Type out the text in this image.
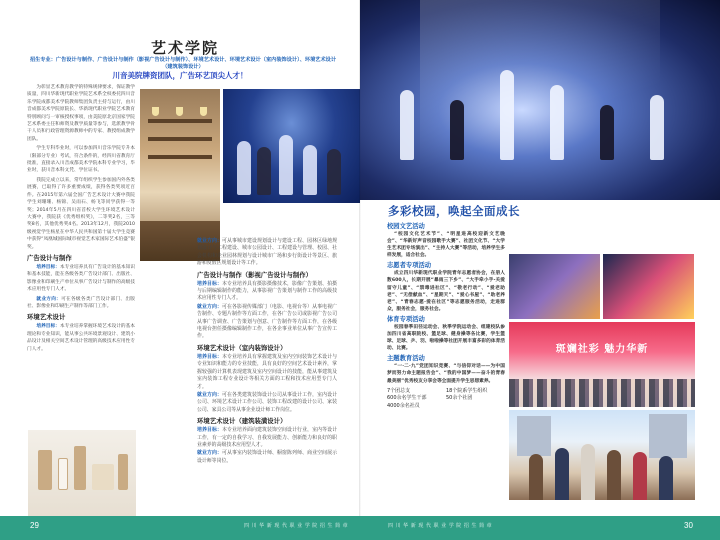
艺术学院
招生专业：广告设计与制作、广告设计与制作（影视广告设计与制作）、环境艺术设计、环境艺术设计（室内装饰设计）、环境艺术设计（建筑装饰设计）
川音美院牌资团队，广告环艺顶尖人才！

为彰显艺术教育教学的特殊规律要求，保证教学质量，四川华新现代职业学院艺术系全权委托四川音乐学院成都美术学院教师集团负责主持与运行，由川音成都美术学院原院长、华新现代职业学院艺术教育特别顾问与一审核授权事项，由美院原北京国家学院艺术系委主任和师资及教学质量等参与，选派教学骨干人员和行政管理资源教师中的专家、教授组成教学团队。

学生专科毕业时，可以参加四川音乐学院专升本（限部分专业）考试，符合条件的，经四川省教育厅批准，直接录入川音成都美术学院本科专业学习，毕业时，获川音本科文凭、学位证书。

我院完成立以来，常年组织学生参加国内外各类展赛，已取得了许多重要成绩，获得各类奖项近百件。在2015年第六届全国广告艺术设计大赛中我院学生刘珊珊、杨锦、吴雨石、杨飞等同学获得一等奖；2014年5月在四川省首校大学生环境艺术设计大赛中，我院获《优秀组织奖》，二等奖2名，三等奖8名，其他优秀奖4名。2013年12月，我院2010级视觉学生杨星在中华人民共和国第十届大学生竞赛中获得“凤凰城国际城市视觉艺术家国际艺术伯盛”银奖。

广告设计与制作

培养目标：本专业培养具有广告设计的基本知识和基本技能，能在各级各类广告设计部门、出版社、影像业和印刷生产单位从事广告设计与制作的高级技术应用性专门人才。

就业方向：可在各级各类广告设计部门、出版社、影像业和印刷生产制作等部门工作。

环境艺术设计

培养目标：本专业培养掌握环境艺术设计的基本理论和专业知识，能从事公共环境景观设计、建筑小品设计及相关空间艺术设计管理的高级技术应用性专门人才。

就业方向：可从事城市建设规划设计与建设工程、园林区绿地规划设计与工程建设、城市公园设计、工程建设与管理、校园、社会机构和企业园林规划与设计城市广场和步行街设计等景区、旅游和度假区规划设计等工作。

广告设计与制作（影视广告设计与制作）

培养目标：本专业培养具有摄影摄像技术，影像广告策划、拍摄与后期编辑制作的能力，从事影视广告策划与制作工作的高级技术应用性专门人才。

就业方向：可在各影视传媒部门（电影、电视台等）从事电视广告制作、专题片制作等方面工作，在各广告公司或影视广告公司从事广告调查、广告策划与创意、广告制作等方面工作，在各级电视台担任摄像编辑制作工作，在各企事业单位从事广告宣传工作。

环境艺术设计（室内装饰设计）

培养目标：本专业培养具有掌握建筑及室内空间装饰艺术设计与专业知识和能力的专业技能，具有良好的空间艺术设计素养，掌握较强的计算机表现建筑及室内空间设计的技能，能从事建筑及室内装饰工程专业设计等相关方面的工程和技术应用型专门人才。

就业方向：可在各类建筑装饰设计公司从事设计工作，室内设计公司、环境艺术设计工作公司、装饰工程改建的设计公司、家装公司、家具公司等从事企业设计师工作岗位。

环境艺术设计（建筑装潢设计）

培养目标：本专业培养面向建筑装饰空间设计行业，室内等设计工作，有一定的自我学习、自我发展能力、创新能力和良好的职业素养的高级技术应用型人才。

就业方向：可从事室内装饰设计师、橱窗陈列师、商业空间展示设计师等岗位。

多彩校园，唤起全面成长
校园文艺活动

“校园文化艺术节”、“明星进高校迎新文艺晚会”、“华新好声音校园歌手大赛”、社团文化节、“大学生艺术团专场演出”、“主持人大赛”等活动，培养学生多样发展，适合社会。

志愿者专项活动

成立四川华新现代职业学院青年志愿者协会，在册人数600人，长期开展“暴雨三下乡”、“大手牵小手·关爱留守儿童”、“禁毒进社区”、“敬老行动”、“爱老助老”、“无偿献血”、“星期天”、“爱心书屋”、“助老养老”、“青春志愿·爱在社区”等志愿服务活动，走进群众，服务社会，服务社会。

体育专项活动

校园春季田径运动会、秋季学院运动会、组建校队参加四川省高职院校、篮足球、健身操等各比赛，学生篮球、足球、乒、羽、啦啦操等社团开展丰富多彩的体育活动、比赛。

主题教育活动

“一·二·九”党团知识竞赛、“与信仰对话——为中国梦而努力命主题报告会”、“我的中国梦——奋斗的青春最美丽”优秀校友分享会等全面提升学生思想素养。

7个团总支	18个院系学生组织
600余名学生干部	50余个社团
4000余名社员
斑斓社彩 魅力华新
29	四 川 华 新 现 代 职 业 学 院 招 生 简 章	四 川 华 新 现 代 职 业 学 院 招 生 简 章	30
